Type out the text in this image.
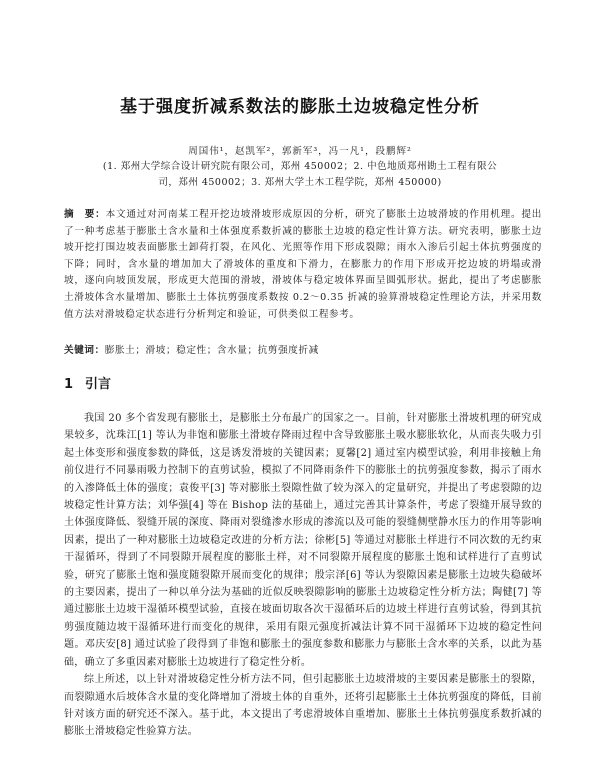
基于强度折减系数法的膨胀土边坡稳定性分析
周国伟¹，赵凯军²，郭新军³，冯一凡¹，段鹏辉²
(1. 郑州大学综合设计研究院有限公司，郑州 450002；2. 中色地质郑州勘土工程有限公司，郑州 450002；3. 郑州大学土木工程学院，郑州 450000)
摘　要：本文通过对河南某工程开挖边坡滑坡形成原因的分析，研究了膨胀土边坡滑坡的作用机理。提出了一种考虑基于膨胀土含水量和土体强度系数折减的膨胀土边坡的稳定性计算方法。研究表明，膨胀土边坡开挖打围边坡表面膨胀土卸荷打裂，在风化、光照等作用下形成裂隙；雨水入渗后引起土体抗剪强度的下降；同时，含水量的增加加大了滑坡体的重度和下滑力，在膨胀力的作用下形成开挖边坡的坍塌或滑坡，逐向向坡顶发展，形成更大范围的滑坡，滑坡体与稳定坡体界面呈圆弧形状。据此，提出了考虑膨胀土滑坡体含水量增加、膨胀土土体抗剪强度系数按 0.2～0.35 折减的验算滑坡稳定性理论方法，并采用数值方法对滑坡稳定状态进行分析判定和验证，可供类似工程参考。
关键词：膨胀土；滑坡；稳定性；含水量；抗剪强度折减
1 引言

我国 20 多个省发现有膨胀土，是膨胀土分布最广的国家之一。目前，针对膨胀土滑坡机理的研究成果较多，沈珠江[1] 等认为非饱和膨胀土滑坡存降雨过程中含导致膨胀土吸水膨胀软化，从而丧失吸力引起土体变形和强度参数的降低，这是诱发滑坡的关键因素；夏馨[2] 通过室内模型试验，利用非接触上角前仪进行不同暴雨吸力控制下的直剪试验，模拟了不同降雨条件下的膨胀土的抗剪强度参数，揭示了雨水的入渗降低土体的强度；袁俊平[3] 等对膨胀土裂隙性做了较为深入的定量研究，并提出了考虑裂隙的边坡稳定性计算方法；刘华强[4] 等在 Bishop 法的基础上，通过完善其计算条件，考虑了裂缝开展导致的土体强度降低、裂缝开展的深度、降雨对裂缝渗水形成的渗流以及可能的裂缝侧壁静水压力的作用等影响因素，提出了一种对膨胀土边坡稳定改进的分析方法；徐彬[5] 等通过对膨胀土样进行不同次数的无约束干湿循环，得到了不同裂隙开展程度的膨胀土样，对不同裂隙开展程度的膨胀土饱和试样进行了直剪试验，研究了膨胀土饱和强度随裂隙开展而变化的规律；殷宗泽[6] 等认为裂隙因素是膨胀土边坡失稳破坏的主要因素，提出了一种以单分法为基础的近似反映裂隙影响的膨胀土边坡稳定性分析方法；陶健[7] 等通过膨胀土边坡干湿循环模型试验，直接在坡面切取各次干湿循环后的边坡土样进行直剪试验，得到其抗剪强度随边坡干湿循环进行而变化的规律，采用有限元强度折减法计算不同干湿循环下边坡的稳定性问题。邓庆安[8] 通过试验了段得到了非饱和膨胀土的强度参数和膨胀力与膨胀土含水率的关系，以此为基础，确立了多重因素对膨胀土边坡进行了稳定性分析。

综上所述，以上针对滑坡稳定性分析方法不同，但引起膨胀土边坡滑坡的主要因素是膨胀土的裂隙，而裂隙通水后坡体含水量的变化降增加了滑坡土体的自重外，还将引起膨胀土土体抗剪强度的降低，目前针对该方面的研究还不深入。基于此，本文提出了考虑滑坡体自重增加、膨胀土土体抗剪强度系数折减的膨胀土滑坡稳定性验算方法。
